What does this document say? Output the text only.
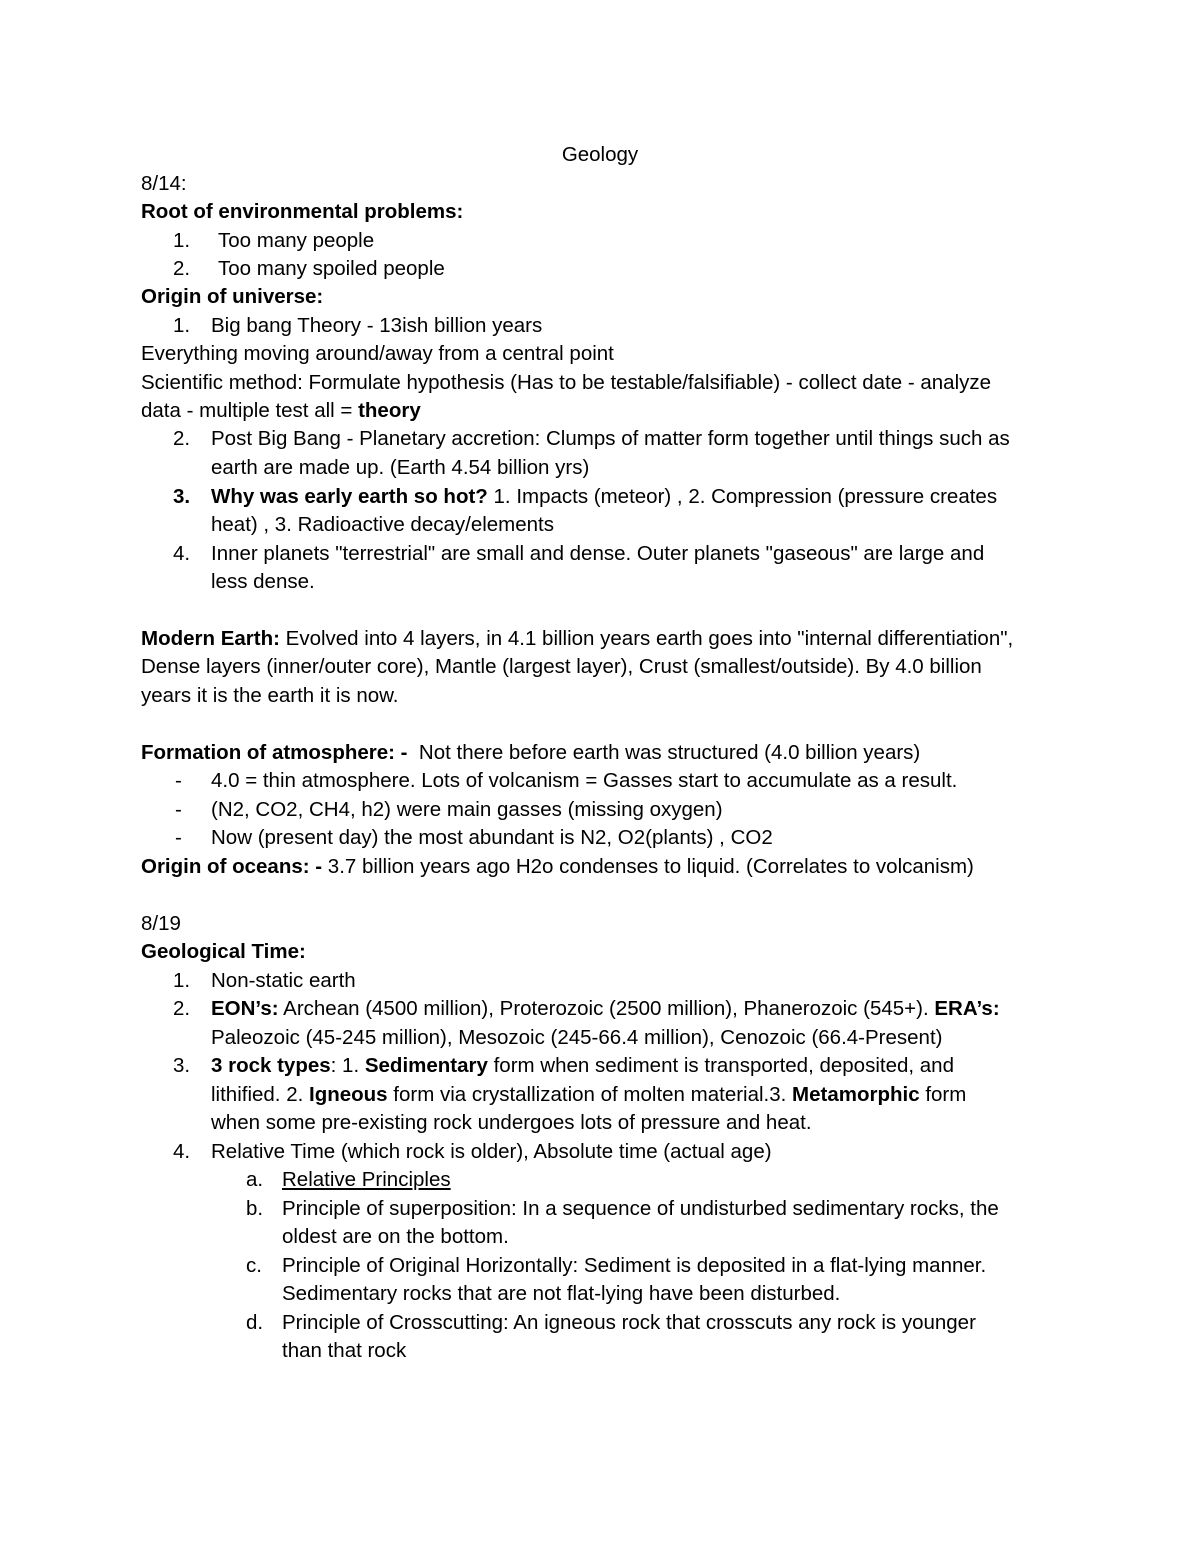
Geology
8/14:
Root of environmental problems:
1. Too many people
2. Too many spoiled people
Origin of universe:
1. Big bang Theory - 13ish billion years
Everything moving around/away from a central point
Scientific method: Formulate hypothesis (Has to be testable/falsifiable) - collect date - analyze
data - multiple test all = theory
2. Post Big Bang - Planetary accretion: Clumps of matter form together until things such as
earth are made up. (Earth 4.54 billion yrs)
3. Why was early earth so hot? 1. Impacts (meteor) , 2. Compression (pressure creates
heat) , 3. Radioactive decay/elements
4. Inner planets "terrestrial" are small and dense. Outer planets "gaseous" are large and
less dense.
Modern Earth: Evolved into 4 layers, in 4.1 billion years earth goes into "internal differentiation",
Dense layers (inner/outer core), Mantle (largest layer), Crust (smallest/outside). By 4.0 billion
years it is the earth it is now.
Formation of atmosphere: -  Not there before earth was structured (4.0 billion years)
- 4.0 = thin atmosphere. Lots of volcanism = Gasses start to accumulate as a result.
- (N2, CO2, CH4, h2) were main gasses (missing oxygen)
- Now (present day) the most abundant is N2, O2(plants) , CO2
Origin of oceans: - 3.7 billion years ago H2o condenses to liquid. (Correlates to volcanism)
8/19
Geological Time:
1. Non-static earth
2. EON’s: Archean (4500 million), Proterozoic (2500 million), Phanerozoic (545+). ERA’s:
Paleozoic (45-245 million), Mesozoic (245-66.4 million), Cenozoic (66.4-Present)
3. 3 rock types: 1. Sedimentary form when sediment is transported, deposited, and
lithified. 2. Igneous form via crystallization of molten material.3. Metamorphic form
when some pre-existing rock undergoes lots of pressure and heat.
4. Relative Time (which rock is older), Absolute time (actual age)
a. Relative Principles
b. Principle of superposition: In a sequence of undisturbed sedimentary rocks, the
oldest are on the bottom.
c. Principle of Original Horizontally: Sediment is deposited in a flat-lying manner.
Sedimentary rocks that are not flat-lying have been disturbed.
d. Principle of Crosscutting: An igneous rock that crosscuts any rock is younger
than that rock
